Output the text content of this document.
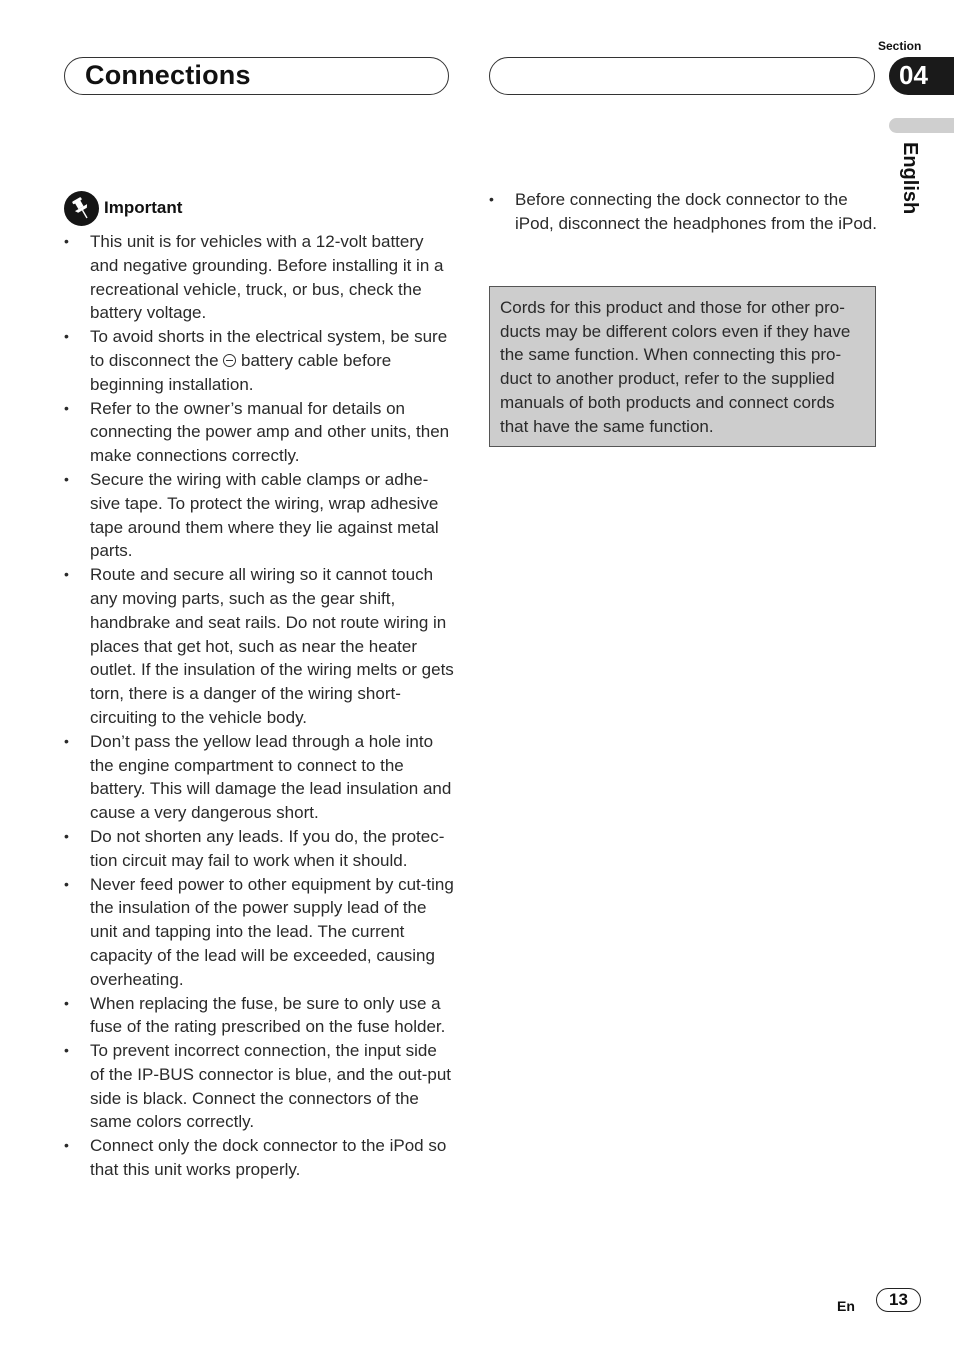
Connections
Section
04
English
Important
•	This unit is for vehicles with a 12-volt battery and negative grounding. Before installing it in a recreational vehicle, truck, or bus, check the battery voltage.
•	To avoid shorts in the electrical system, be sure to disconnect the battery cable before beginning installation.
•	Refer to the owner’s manual for details on connecting the power amp and other units, then make connections correctly.
•	Secure the wiring with cable clamps or adhe-sive tape. To protect the wiring, wrap adhesive tape around them where they lie against metal parts.
•	Route and secure all wiring so it cannot touch any moving parts, such as the gear shift, handbrake and seat rails. Do not route wiring in places that get hot, such as near the heater outlet. If the insulation of the wiring melts or gets torn, there is a danger of the wiring short-circuiting to the vehicle body.
•	Don’t pass the yellow lead through a hole into the engine compartment to connect to the battery. This will damage the lead insulation and cause a very dangerous short.
•	Do not shorten any leads. If you do, the protec-tion circuit may fail to work when it should.
•	Never feed power to other equipment by cut-ting the insulation of the power supply lead of the unit and tapping into the lead. The current capacity of the lead will be exceeded, causing overheating.
•	When replacing the fuse, be sure to only use a fuse of the rating prescribed on the fuse holder.
•	To prevent incorrect connection, the input side of the IP-BUS connector is blue, and the out-put side is black. Connect the connectors of the same colors correctly.
•	Connect only the dock connector to the iPod so that this unit works properly.
•	Before connecting the dock connector to the iPod, disconnect the headphones from the iPod.
Cords for this product and those for other pro-ducts may be different colors even if they have the same function. When connecting this pro-duct to another product, refer to the supplied manuals of both products and connect cords that have the same function.
En	13
